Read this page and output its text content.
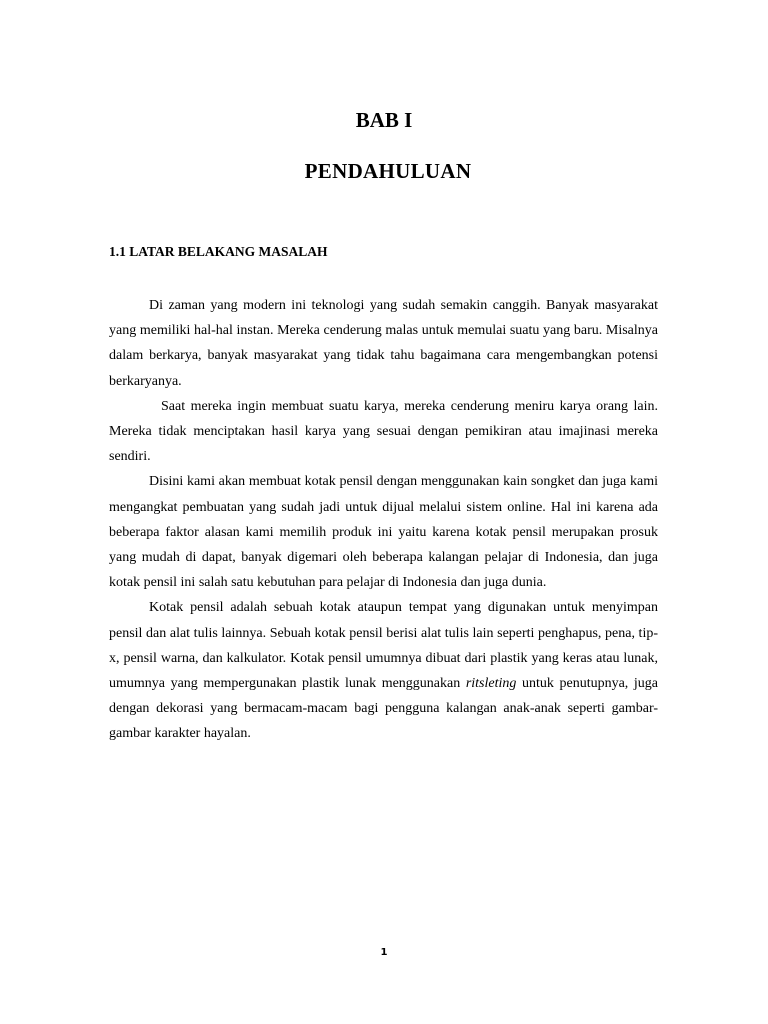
BAB I
PENDAHULUAN
1.1 LATAR BELAKANG MASALAH

Di zaman yang modern ini teknologi yang sudah semakin canggih. Banyak masyarakat yang memiliki hal-hal instan. Mereka cenderung malas untuk memulai suatu yang baru. Misalnya dalam berkarya, banyak masyarakat yang tidak tahu bagaimana cara mengembangkan potensi berkaryanya.

Saat mereka ingin membuat suatu karya, mereka cenderung meniru karya orang lain. Mereka tidak menciptakan hasil karya yang sesuai dengan pemikiran atau imajinasi mereka sendiri.

Disini kami akan membuat kotak pensil dengan menggunakan kain songket dan juga kami mengangkat pembuatan yang sudah jadi untuk dijual melalui sistem online. Hal ini karena ada beberapa faktor alasan kami memilih produk ini yaitu karena kotak pensil merupakan prosuk yang mudah di dapat, banyak digemari oleh beberapa kalangan pelajar di Indonesia, dan juga kotak pensil ini salah satu kebutuhan para pelajar di Indonesia dan juga dunia.

Kotak pensil adalah sebuah kotak ataupun tempat yang digunakan untuk menyimpan pensil dan alat tulis lainnya. Sebuah kotak pensil berisi alat tulis lain seperti penghapus, pena, tip-x, pensil warna, dan kalkulator. Kotak pensil umumnya dibuat dari plastik yang keras atau lunak, umumnya yang mempergunakan plastik lunak menggunakan ritsleting untuk penutupnya, juga dengan dekorasi yang bermacam-macam bagi pengguna kalangan anak-anak seperti gambar-gambar karakter hayalan.

1
